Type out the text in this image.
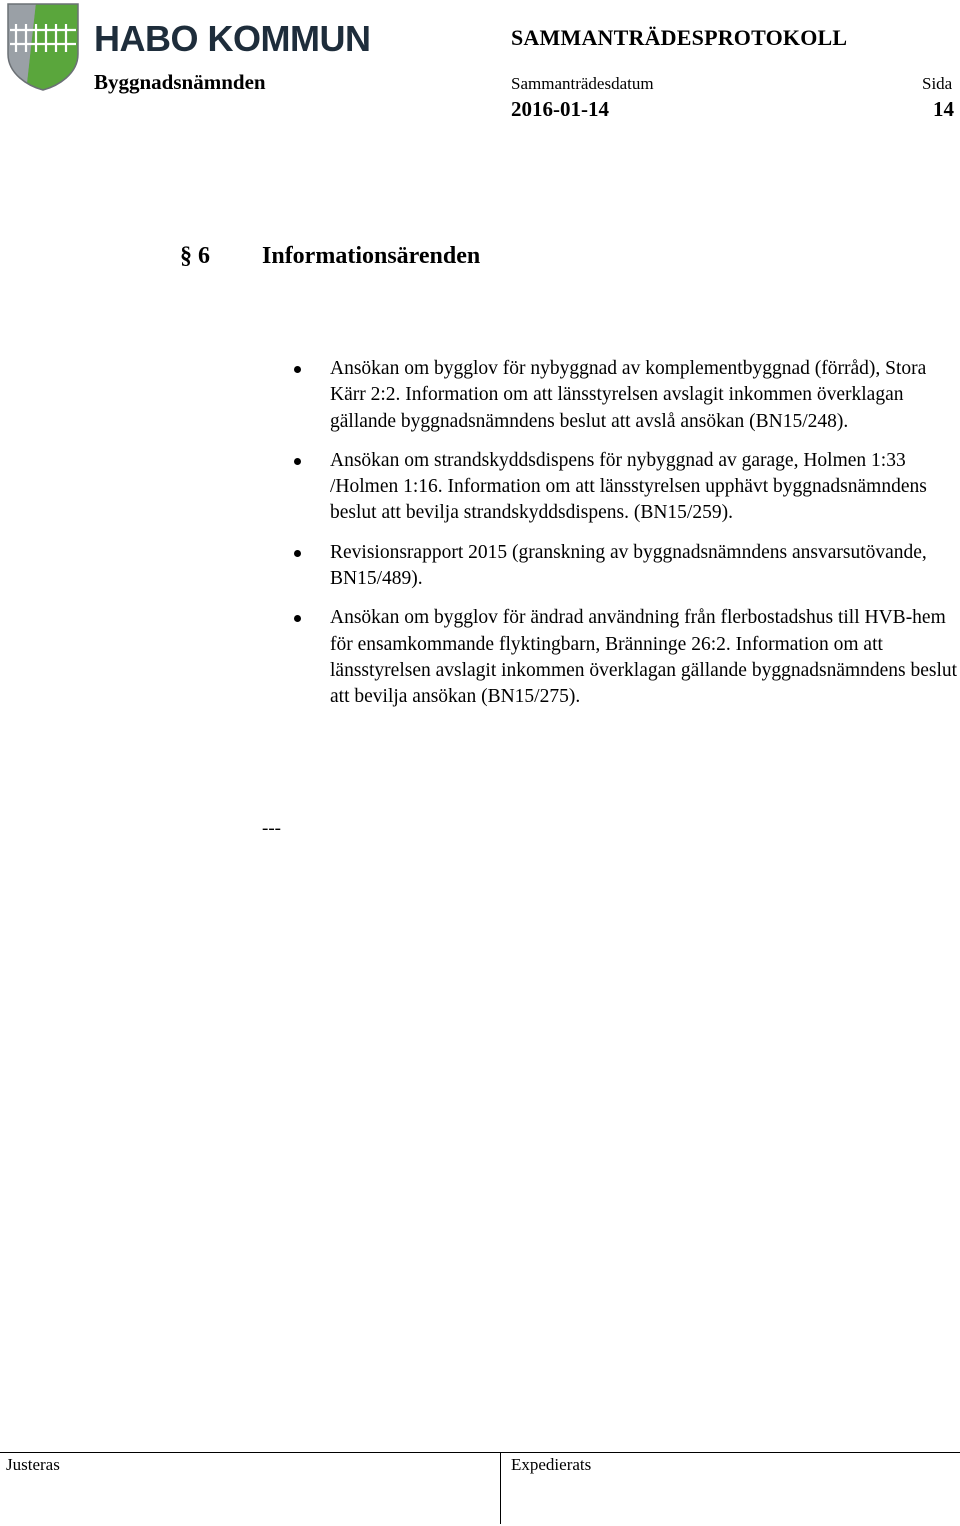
HABO KOMMUN
Byggnadsnämnden
SAMMANTRÄDESPROTOKOLL
Sammanträdesdatum	Sida
2016-01-14	14
§ 6 Informationsärenden
Ansökan om bygglov för nybyggnad av komplementbyggnad (förråd), Stora Kärr 2:2. Information om att länsstyrelsen avslagit inkommen överklagan gällande byggnadsnämndens beslut att avslå ansökan (BN15/248).
Ansökan om strandskyddsdispens för nybyggnad av garage, Holmen 1:33 /Holmen 1:16. Information om att länsstyrelsen upphävt byggnadsnämndens beslut att bevilja strandskyddsdispens. (BN15/259).
Revisionsrapport 2015 (granskning av byggnadsnämndens ansvarsutövande, BN15/489).
Ansökan om bygglov för ändrad användning från flerbostadshus till HVB-hem för ensamkommande flyktingbarn, Bränninge 26:2. Information om att länsstyrelsen avslagit inkommen överklagan gällande byggnadsnämndens beslut att bevilja ansökan (BN15/275).
---
Justeras	Expedierats
